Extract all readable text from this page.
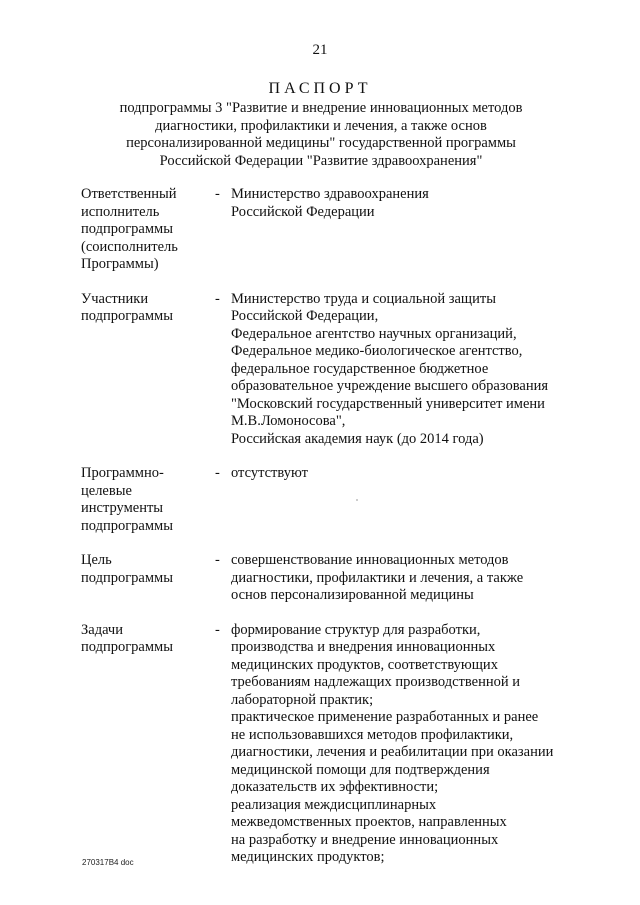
21
ПАСПОРТ
подпрограммы 3 "Развитие и внедрение инновационных методов
диагностики, профилактики и лечения, а также основ
персонализированной медицины" государственной программы
Российской Федерации "Развитие здравоохранения"
Ответственный
исполнитель
подпрограммы
(соисполнитель
Программы)
- Министерство здравоохранения
Российской Федерации
Участники
подпрограммы
- Министерство труда и социальной защиты
Российской Федерации,
Федеральное агентство научных организаций,
Федеральное медико-биологическое агентство,
федеральное государственное бюджетное
образовательное учреждение высшего образования
"Московский государственный университет имени
М.В.Ломоносова",
Российская академия наук (до 2014 года)
Программно-
целевые
инструменты
подпрограммы
- отсутствуют
Цель
подпрограммы
- совершенствование инновационных методов
диагностики, профилактики и лечения, а также
основ персонализированной медицины
Задачи
подпрограммы
- формирование структур для разработки,
производства и внедрения инновационных
медицинских продуктов, соответствующих
требованиям надлежащих производственной и
лабораторной практик;
практическое применение разработанных и ранее
не использовавшихся методов профилактики,
диагностики, лечения и реабилитации при оказании
медицинской помощи для подтверждения
доказательств их эффективности;
реализация междисциплинарных
межведомственных проектов, направленных
на разработку и внедрение инновационных
медицинских продуктов;
270317В4 doc
